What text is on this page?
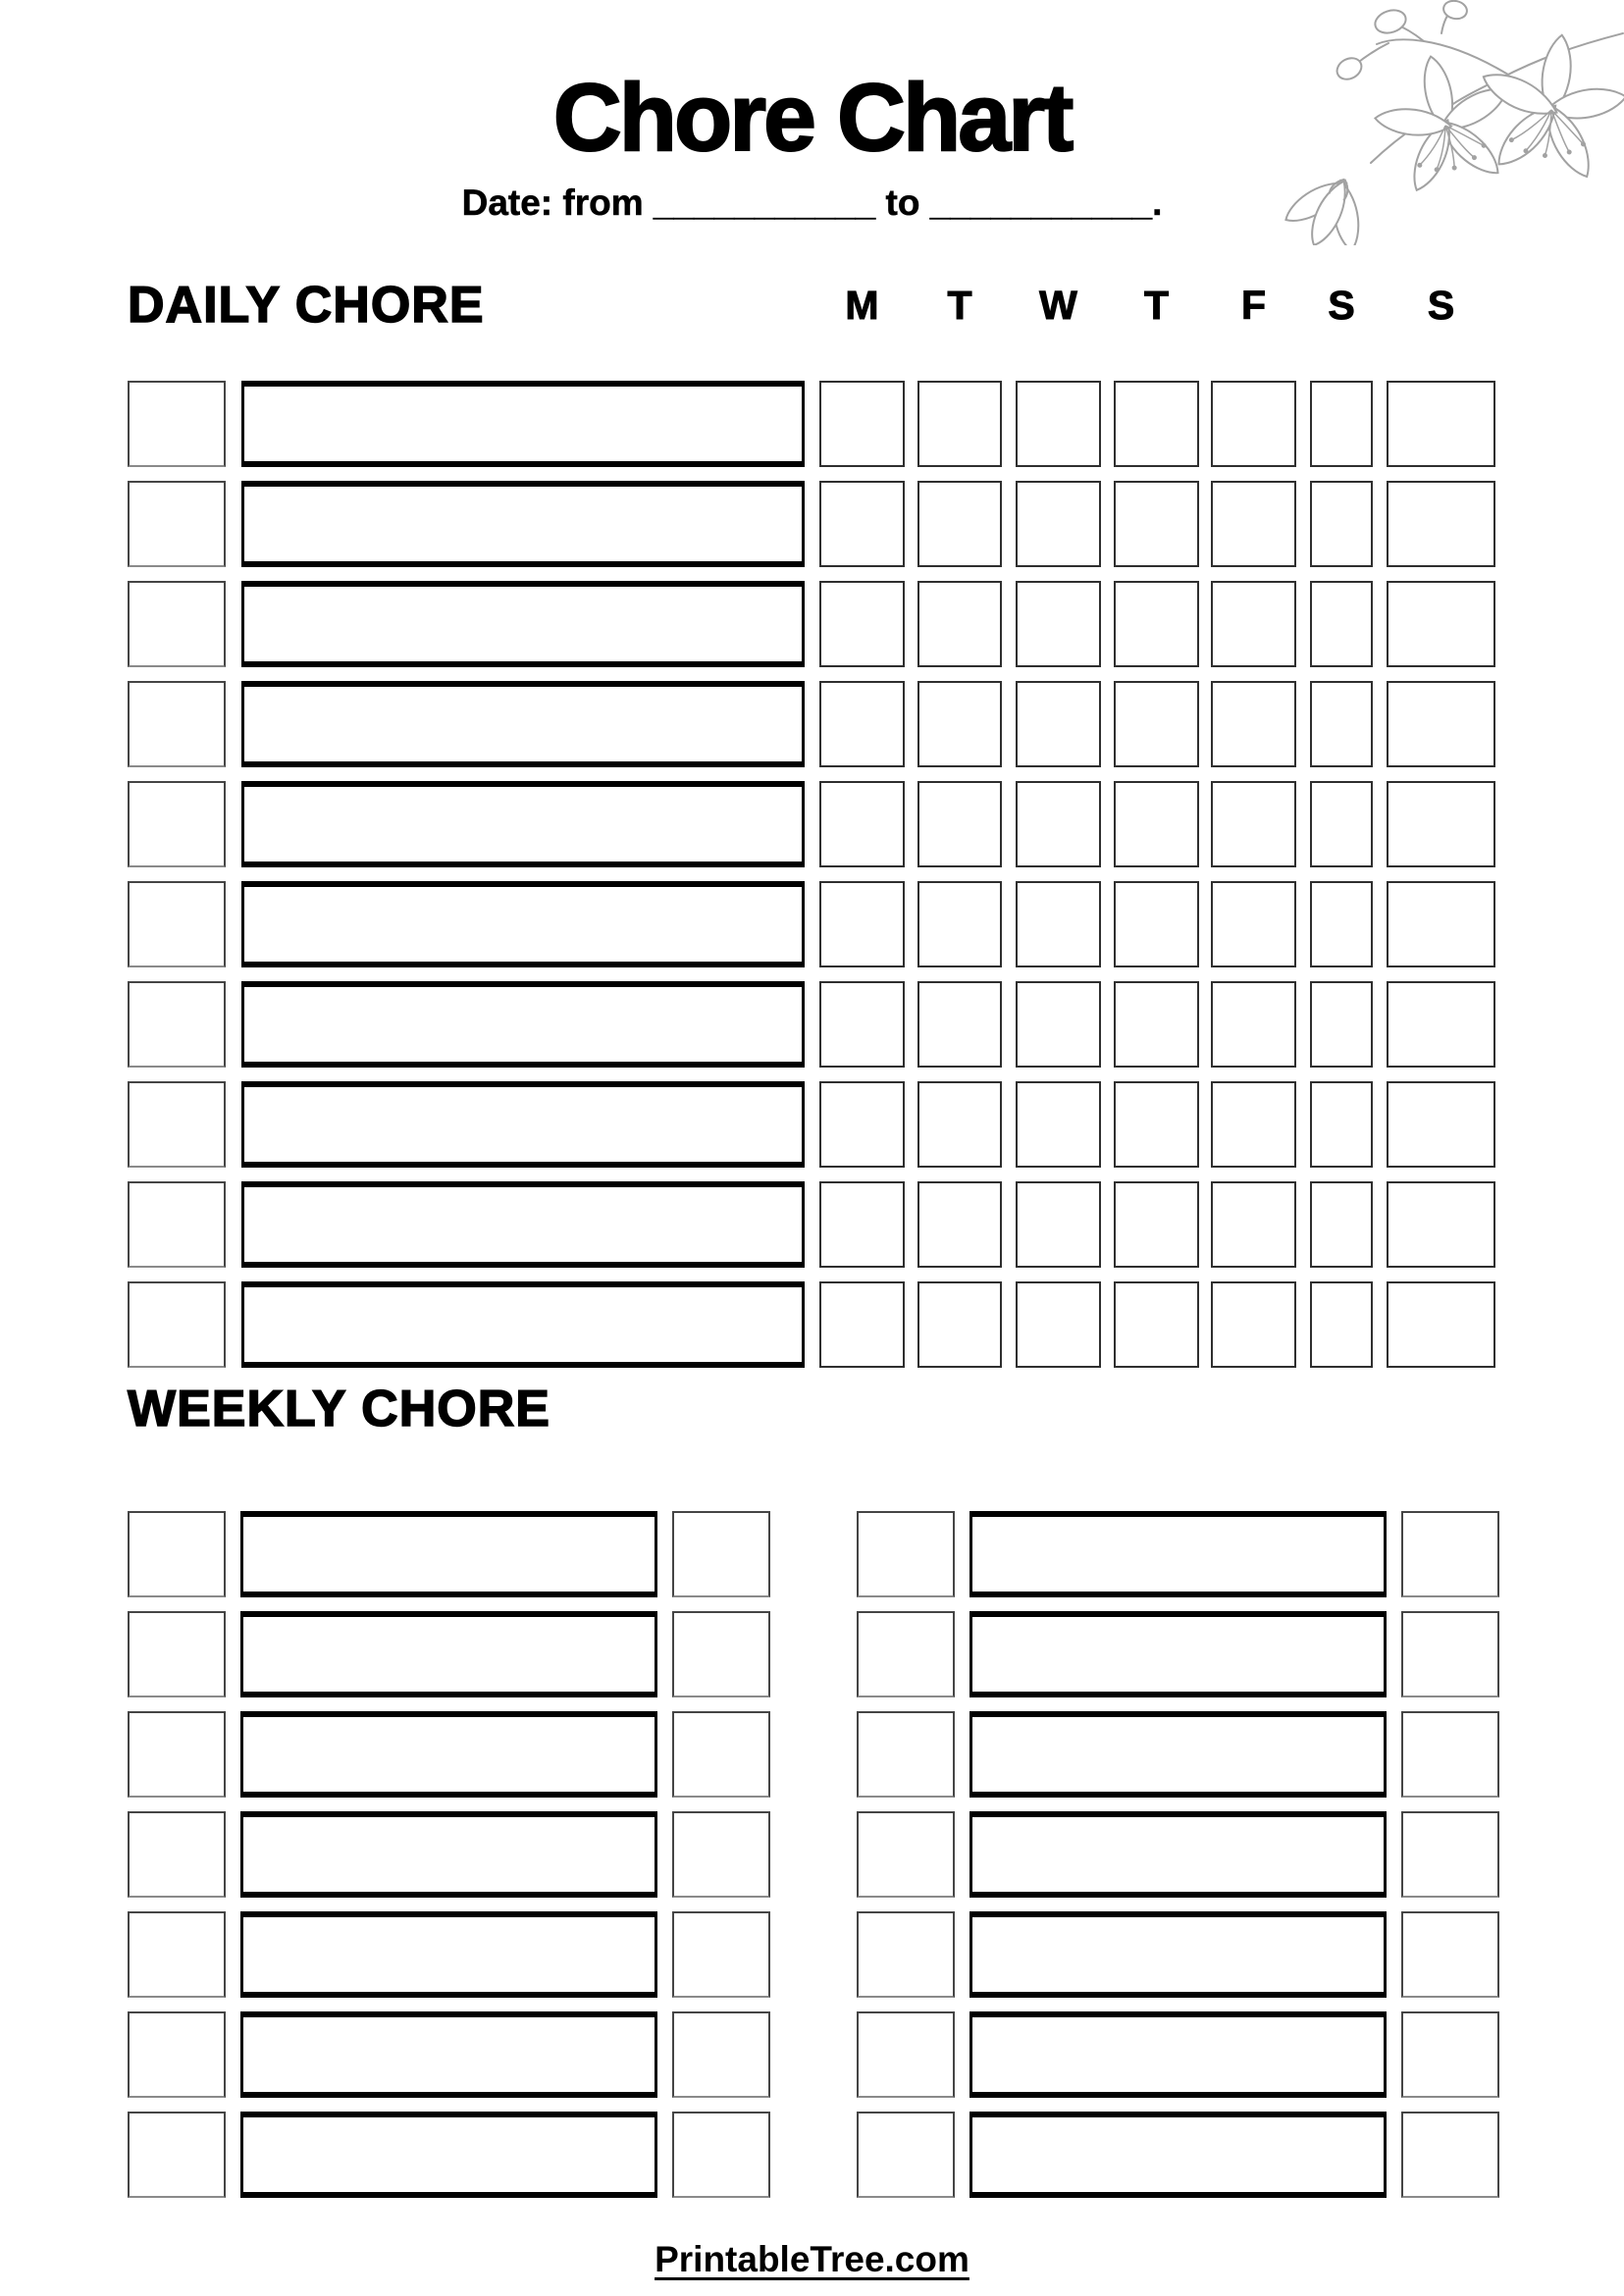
Chore Chart
Date: from ___________ to ___________.
DAILY CHORE	M	T	W	T	F	S	S
WEEKLY CHORE
PrintableTree.com
